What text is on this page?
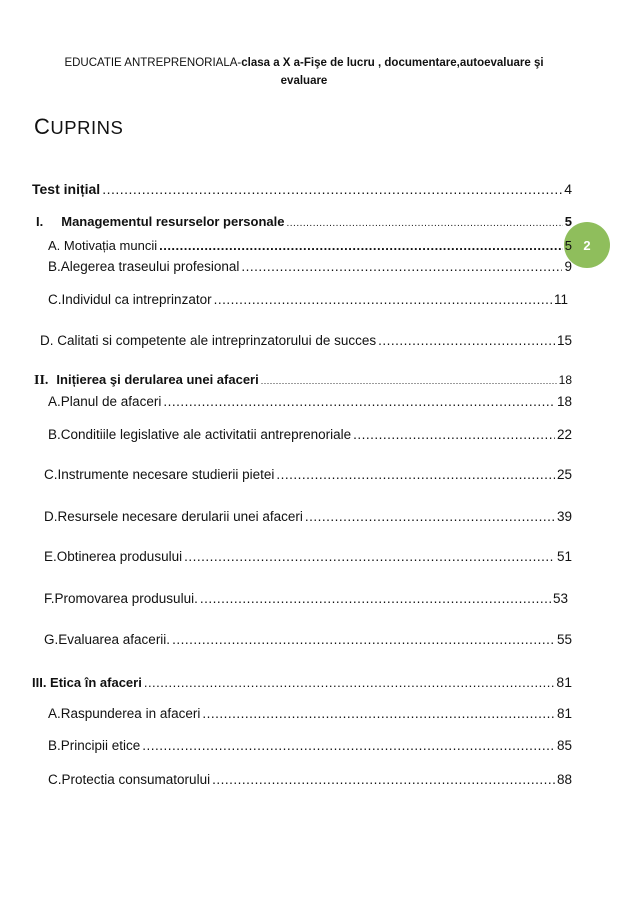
EDUCATIE ANTREPRENORIALA-clasa a X a-Fişe de lucru , documentare,autoevaluare şi
evaluare
CUPRINS
2
Test inițial .....	4
I. Managementul resurselor personale .....	5
A. Motivația muncii .....	5
B.Alegerea traseului profesional .....	9
C.Individul ca intreprinzator .....	11
D. Calitati si competente ale intreprinzatorului de succes .....	15
II. Inițierea şi derularea unei afaceri .....	18
A.Planul de afaceri .....	18
B.Conditiile legislative ale activitatii antreprenoriale .....	22
C.Instrumente necesare studierii pietei .....	25
D.Resursele necesare derularii unei afaceri .....	39
E.Obtinerea produsului .....	51
F.Promovarea produsului. .....	53
G.Evaluarea afacerii. .....	55
III. Etica în afaceri .....	81
A.Raspunderea in afaceri .....	81
B.Principii etice .....	85
C.Protectia consumatorului .....	88
